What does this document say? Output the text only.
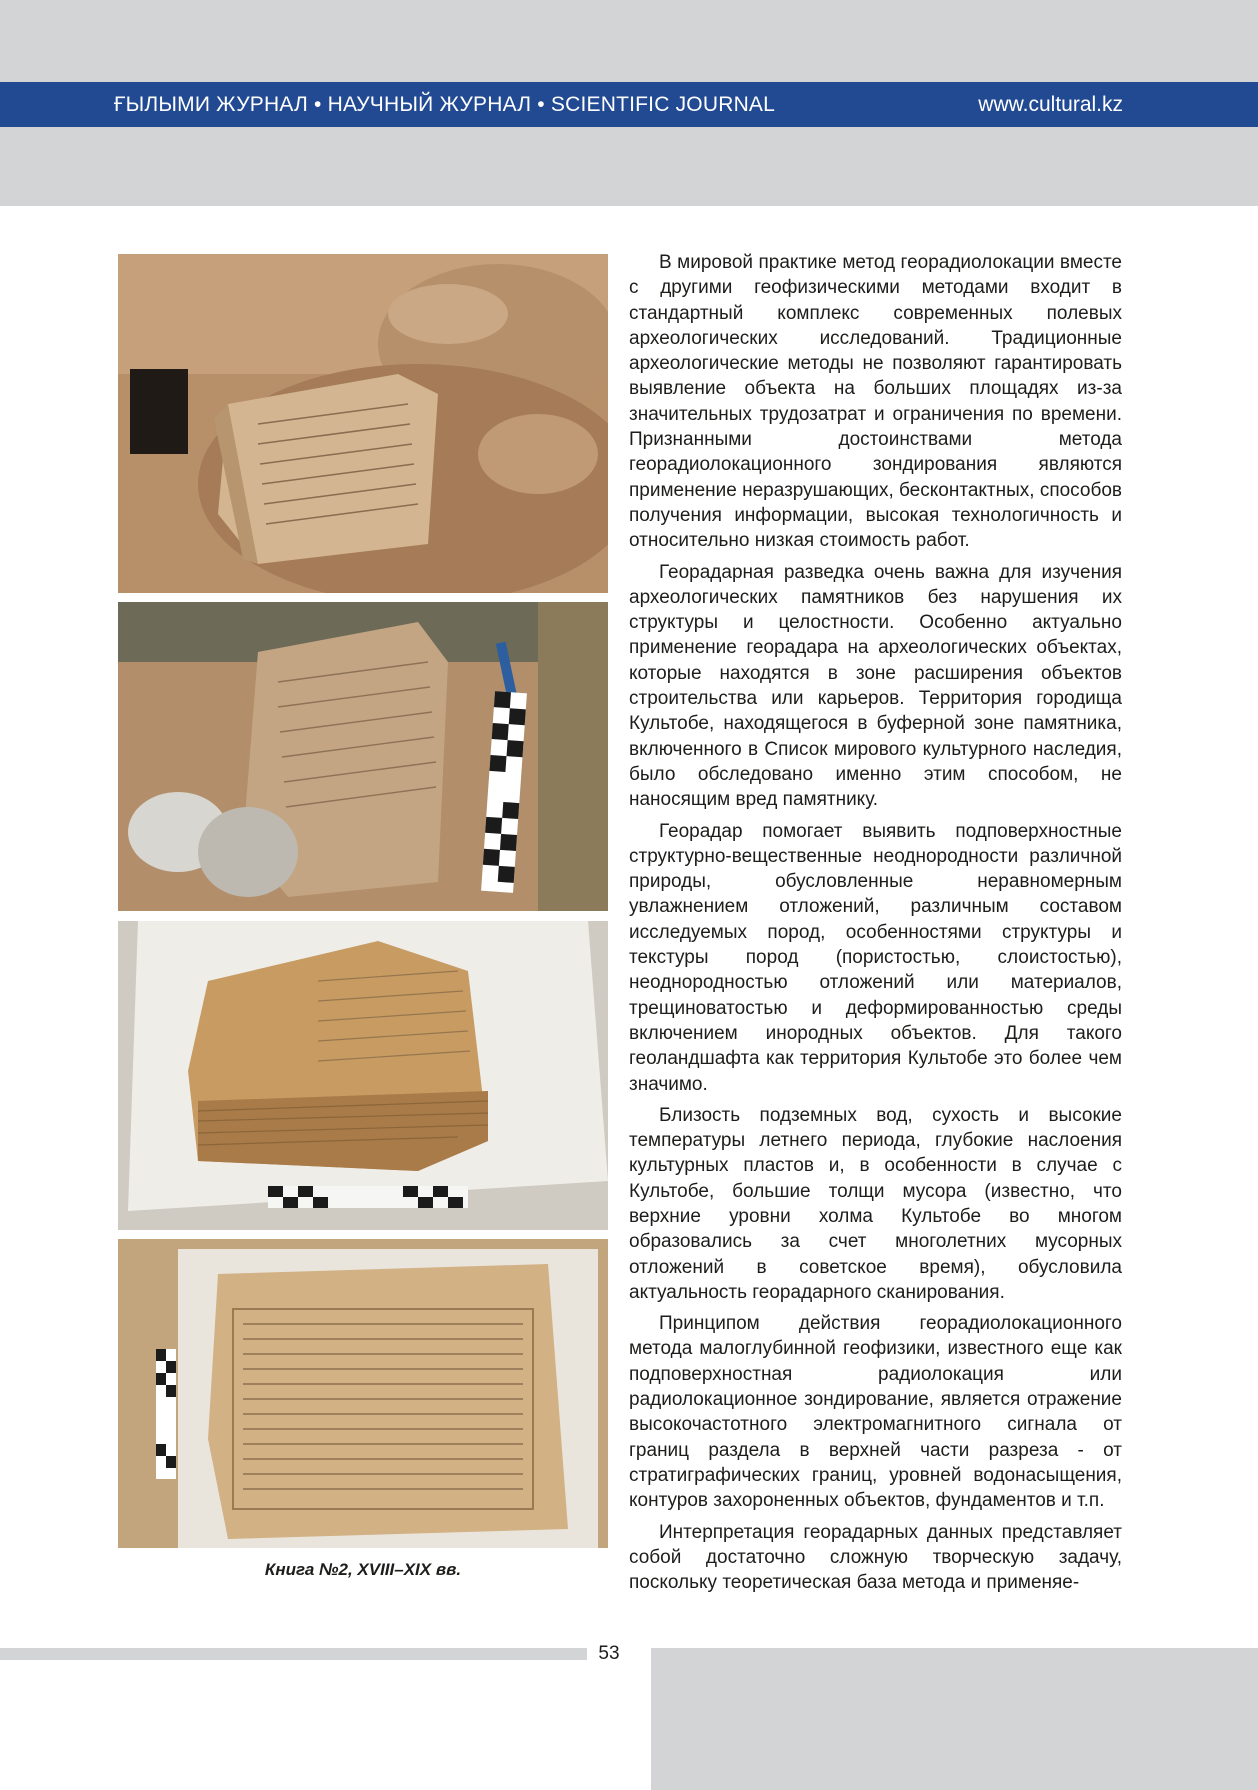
ҒЫЛЫМИ ЖУРНАЛ • НАУЧНЫЙ ЖУРНАЛ • SCIENTIFIC JOURNAL	www.cultural.kz
Книга №2, XVIII–XIX вв.

В мировой практике метод георадиолокации вместе с другими геофизическими методами входит в стандартный комплекс современных полевых археологических исследований. Традиционные археологические методы не позволяют гарантировать выявление объекта на больших площадях из-за значительных трудозатрат и ограничения по времени. Признанными достоинствами метода георадиолокационного зондирования являются применение неразрушающих, бесконтактных, способов получения информации, высокая технологичность и относительно низкая стоимость работ.

Георадарная разведка очень важна для изучения археологических памятников без нарушения их структуры и целостности. Особенно актуально применение георадара на археологических объектах, которые находятся в зоне расширения объектов строительства или карьеров. Территория городища Культобе, находящегося в буферной зоне памятника, включенного в Список мирового культурного наследия, было обследовано именно этим способом, не наносящим вред памятнику.

Георадар помогает выявить подповерхностные структурно-вещественные неоднородности различной природы, обусловленные неравномерным увлажнением отложений, различным составом исследуемых пород, особенностями структуры и текстуры пород (пористостью, слоистостью), неоднородностью отложений или материалов, трещиноватостью и деформированностью среды включением инородных объектов. Для такого геоландшафта как территория Культобе это более чем значимо.

Близость подземных вод, сухость и высокие температуры летнего периода, глубокие наслоения культурных пластов и, в особенности в случае с Культобе, большие толщи мусора (известно, что верхние уровни холма Культобе во многом образовались за счет многолетних мусорных отложений в советское время), обусловила актуальность георадарного сканирования.

Принципом действия георадиолокационного метода малоглубинной геофизики, известного еще как подповерхностная радиолокация или радиолокационное зондирование, является отражение высокочастотного электромагнитного сигнала от границ раздела в верхней части разреза - от стратиграфических границ, уровней водонасыщения, контуров захороненных объектов, фундаментов и т.п.

Интерпретация георадарных данных представляет собой достаточно сложную творческую задачу, поскольку теоретическая база метода и применяе-

53
